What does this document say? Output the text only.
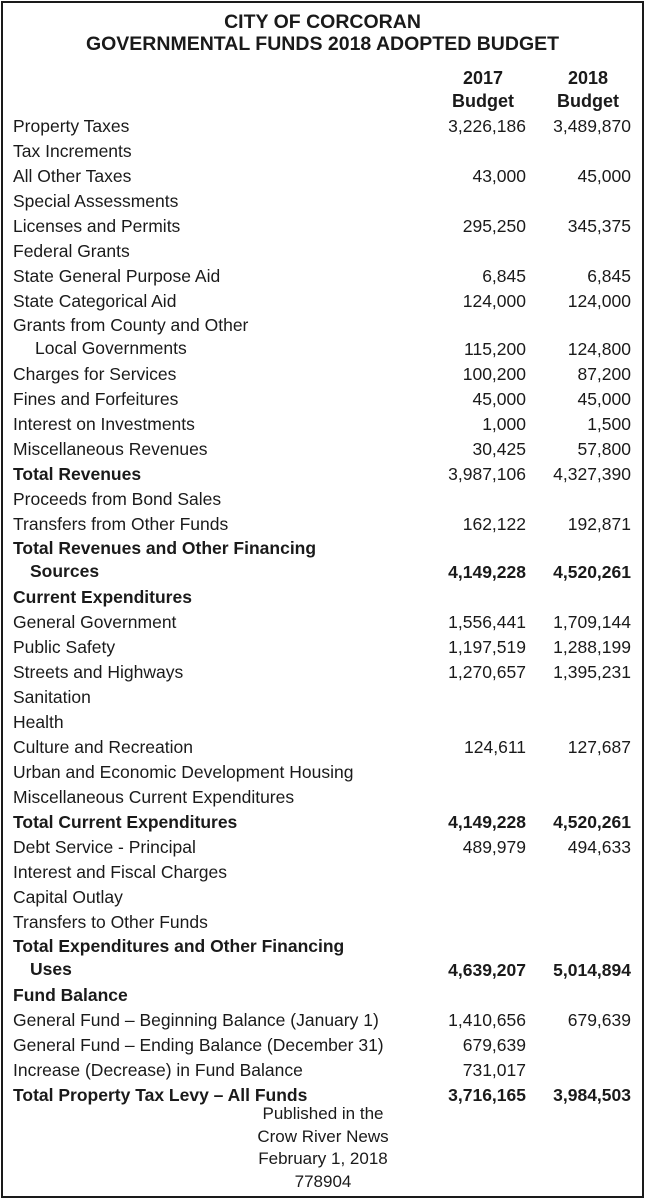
CITY OF CORCORAN
GOVERNMENTAL FUNDS 2018 ADOPTED BUDGET
2017
Budget
2018
Budget
Property Taxes	3,226,186	3,489,870
Tax Increments
All Other Taxes	43,000	45,000
Special Assessments
Licenses and Permits	295,250	345,375
Federal Grants
State General Purpose Aid	6,845	6,845
State Categorical Aid	124,000	124,000
Grants from County and Other
Local Governments	115,200	124,800
Charges for Services	100,200	87,200
Fines and Forfeitures	45,000	45,000
Interest on Investments	1,000	1,500
Miscellaneous Revenues	30,425	57,800
Total Revenues	3,987,106	4,327,390
Proceeds from Bond Sales
Transfers from Other Funds	162,122	192,871
Total Revenues and Other Financing
Sources	4,149,228	4,520,261
Current Expenditures
General Government	1,556,441	1,709,144
Public Safety	1,197,519	1,288,199
Streets and Highways	1,270,657	1,395,231
Sanitation
Health
Culture and Recreation	124,611	127,687
Urban and Economic Development Housing
Miscellaneous Current Expenditures
Total Current Expenditures	4,149,228	4,520,261
Debt Service - Principal	489,979	494,633
Interest and Fiscal Charges
Capital Outlay
Transfers to Other Funds
Total Expenditures and Other Financing
Uses	4,639,207	5,014,894
Fund Balance
General Fund – Beginning Balance (January 1)	1,410,656	679,639
General Fund – Ending Balance (December 31)	679,639
Increase (Decrease) in Fund Balance	731,017
Total Property Tax Levy – All Funds	3,716,165	3,984,503
Published in the
Crow River News
February 1, 2018
778904
